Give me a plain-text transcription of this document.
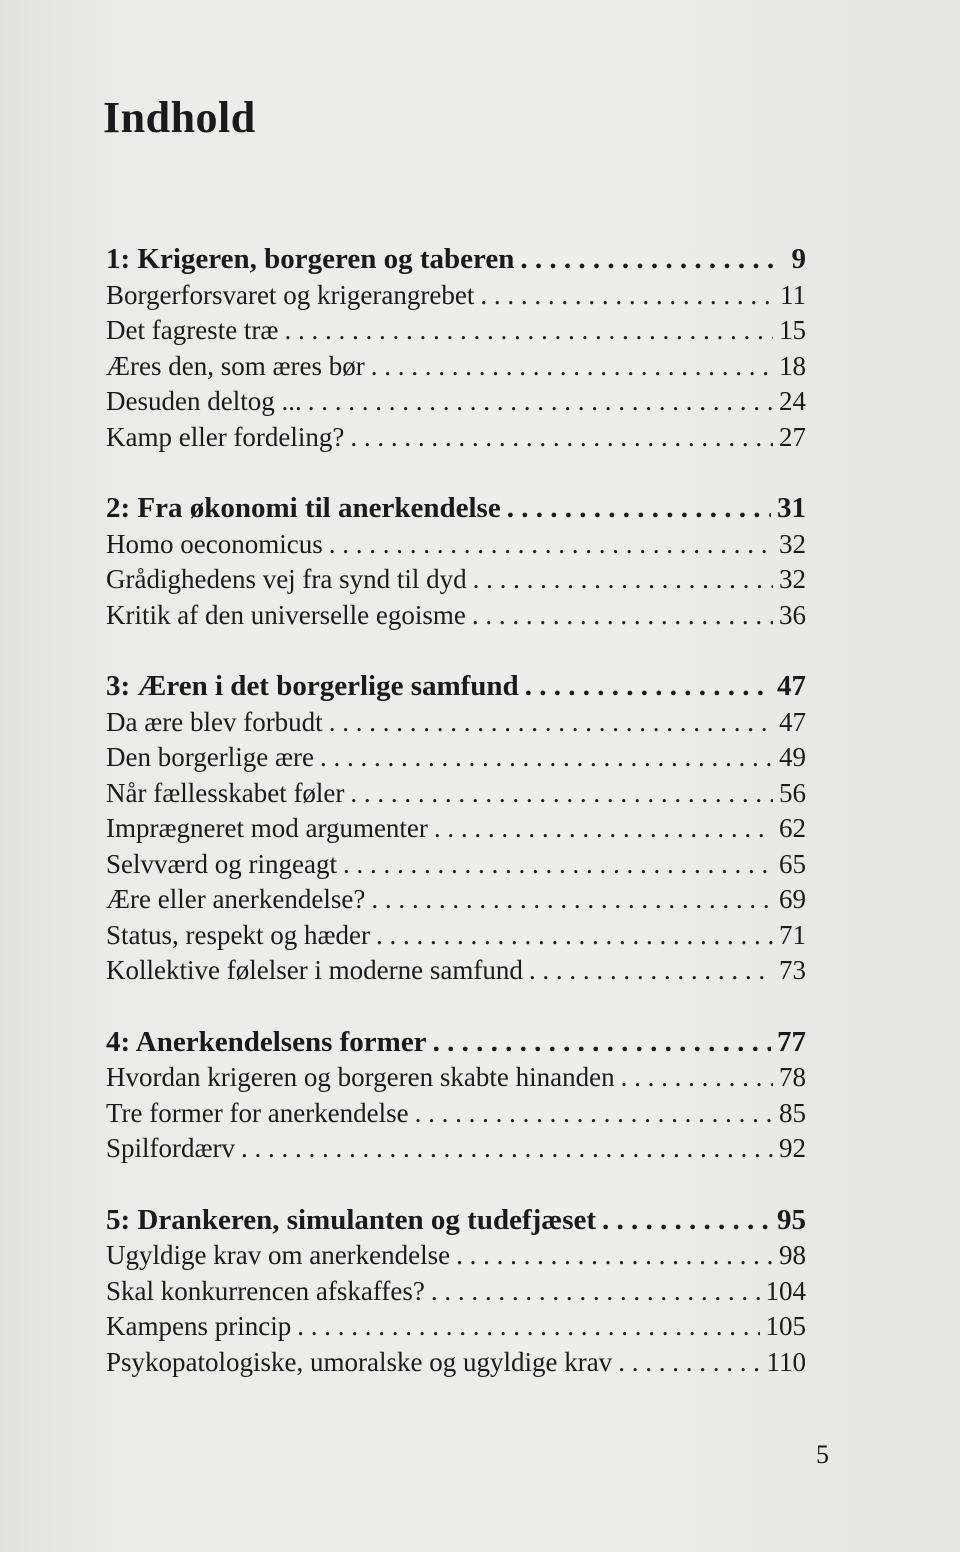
Indhold
1: Krigeren, borgeren og taberen . . .	9
Borgerforsvaret og krigerangrebet . . .	11
Det fagreste træ . . .	15
Æres den, som æres bør . . .	18
Desuden deltog ... . . .	24
Kamp eller fordeling? . . .	27
2: Fra økonomi til anerkendelse . . .	31
Homo oeconomicus . . .	32
Grådighedens vej fra synd til dyd . . .	32
Kritik af den universelle egoisme . . .	36
3: Æren i det borgerlige samfund . . .	47
Da ære blev forbudt . . .	47
Den borgerlige ære . . .	49
Når fællesskabet føler . . .	56
Imprægneret mod argumenter . . .	62
Selvværd og ringeagt . . .	65
Ære eller anerkendelse? . . .	69
Status, respekt og hæder . . .	71
Kollektive følelser i moderne samfund . . .	73
4: Anerkendelsens former . . .	77
Hvordan krigeren og borgeren skabte hinanden . . .	78
Tre former for anerkendelse . . .	85
Spilfordærv . . .	92
5: Drankeren, simulanten og tudefjæset . . .	95
Ugyldige krav om anerkendelse . . .	98
Skal konkurrencen afskaffes? . . .	104
Kampens princip . . .	105
Psykopatologiske, umoralske og ugyldige krav . . .	110
5
